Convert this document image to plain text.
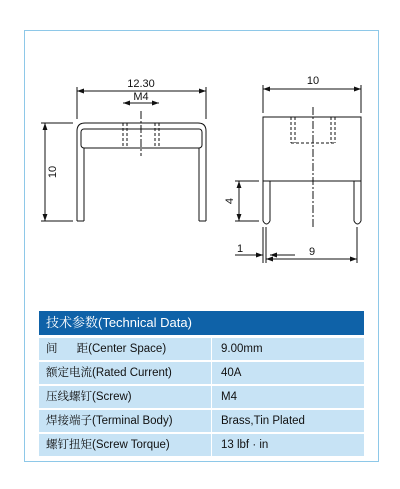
12.30
M4
10
10
4
9
1
技术参数(Technical Data)
间      距(Center Space)	9.00mm
额定电流(Rated Current)	40A
压线螺钉(Screw)	M4
焊接端子(Terminal Body)	Brass,Tin Plated
螺钉扭矩(Screw Torque)	13 lbf · in
